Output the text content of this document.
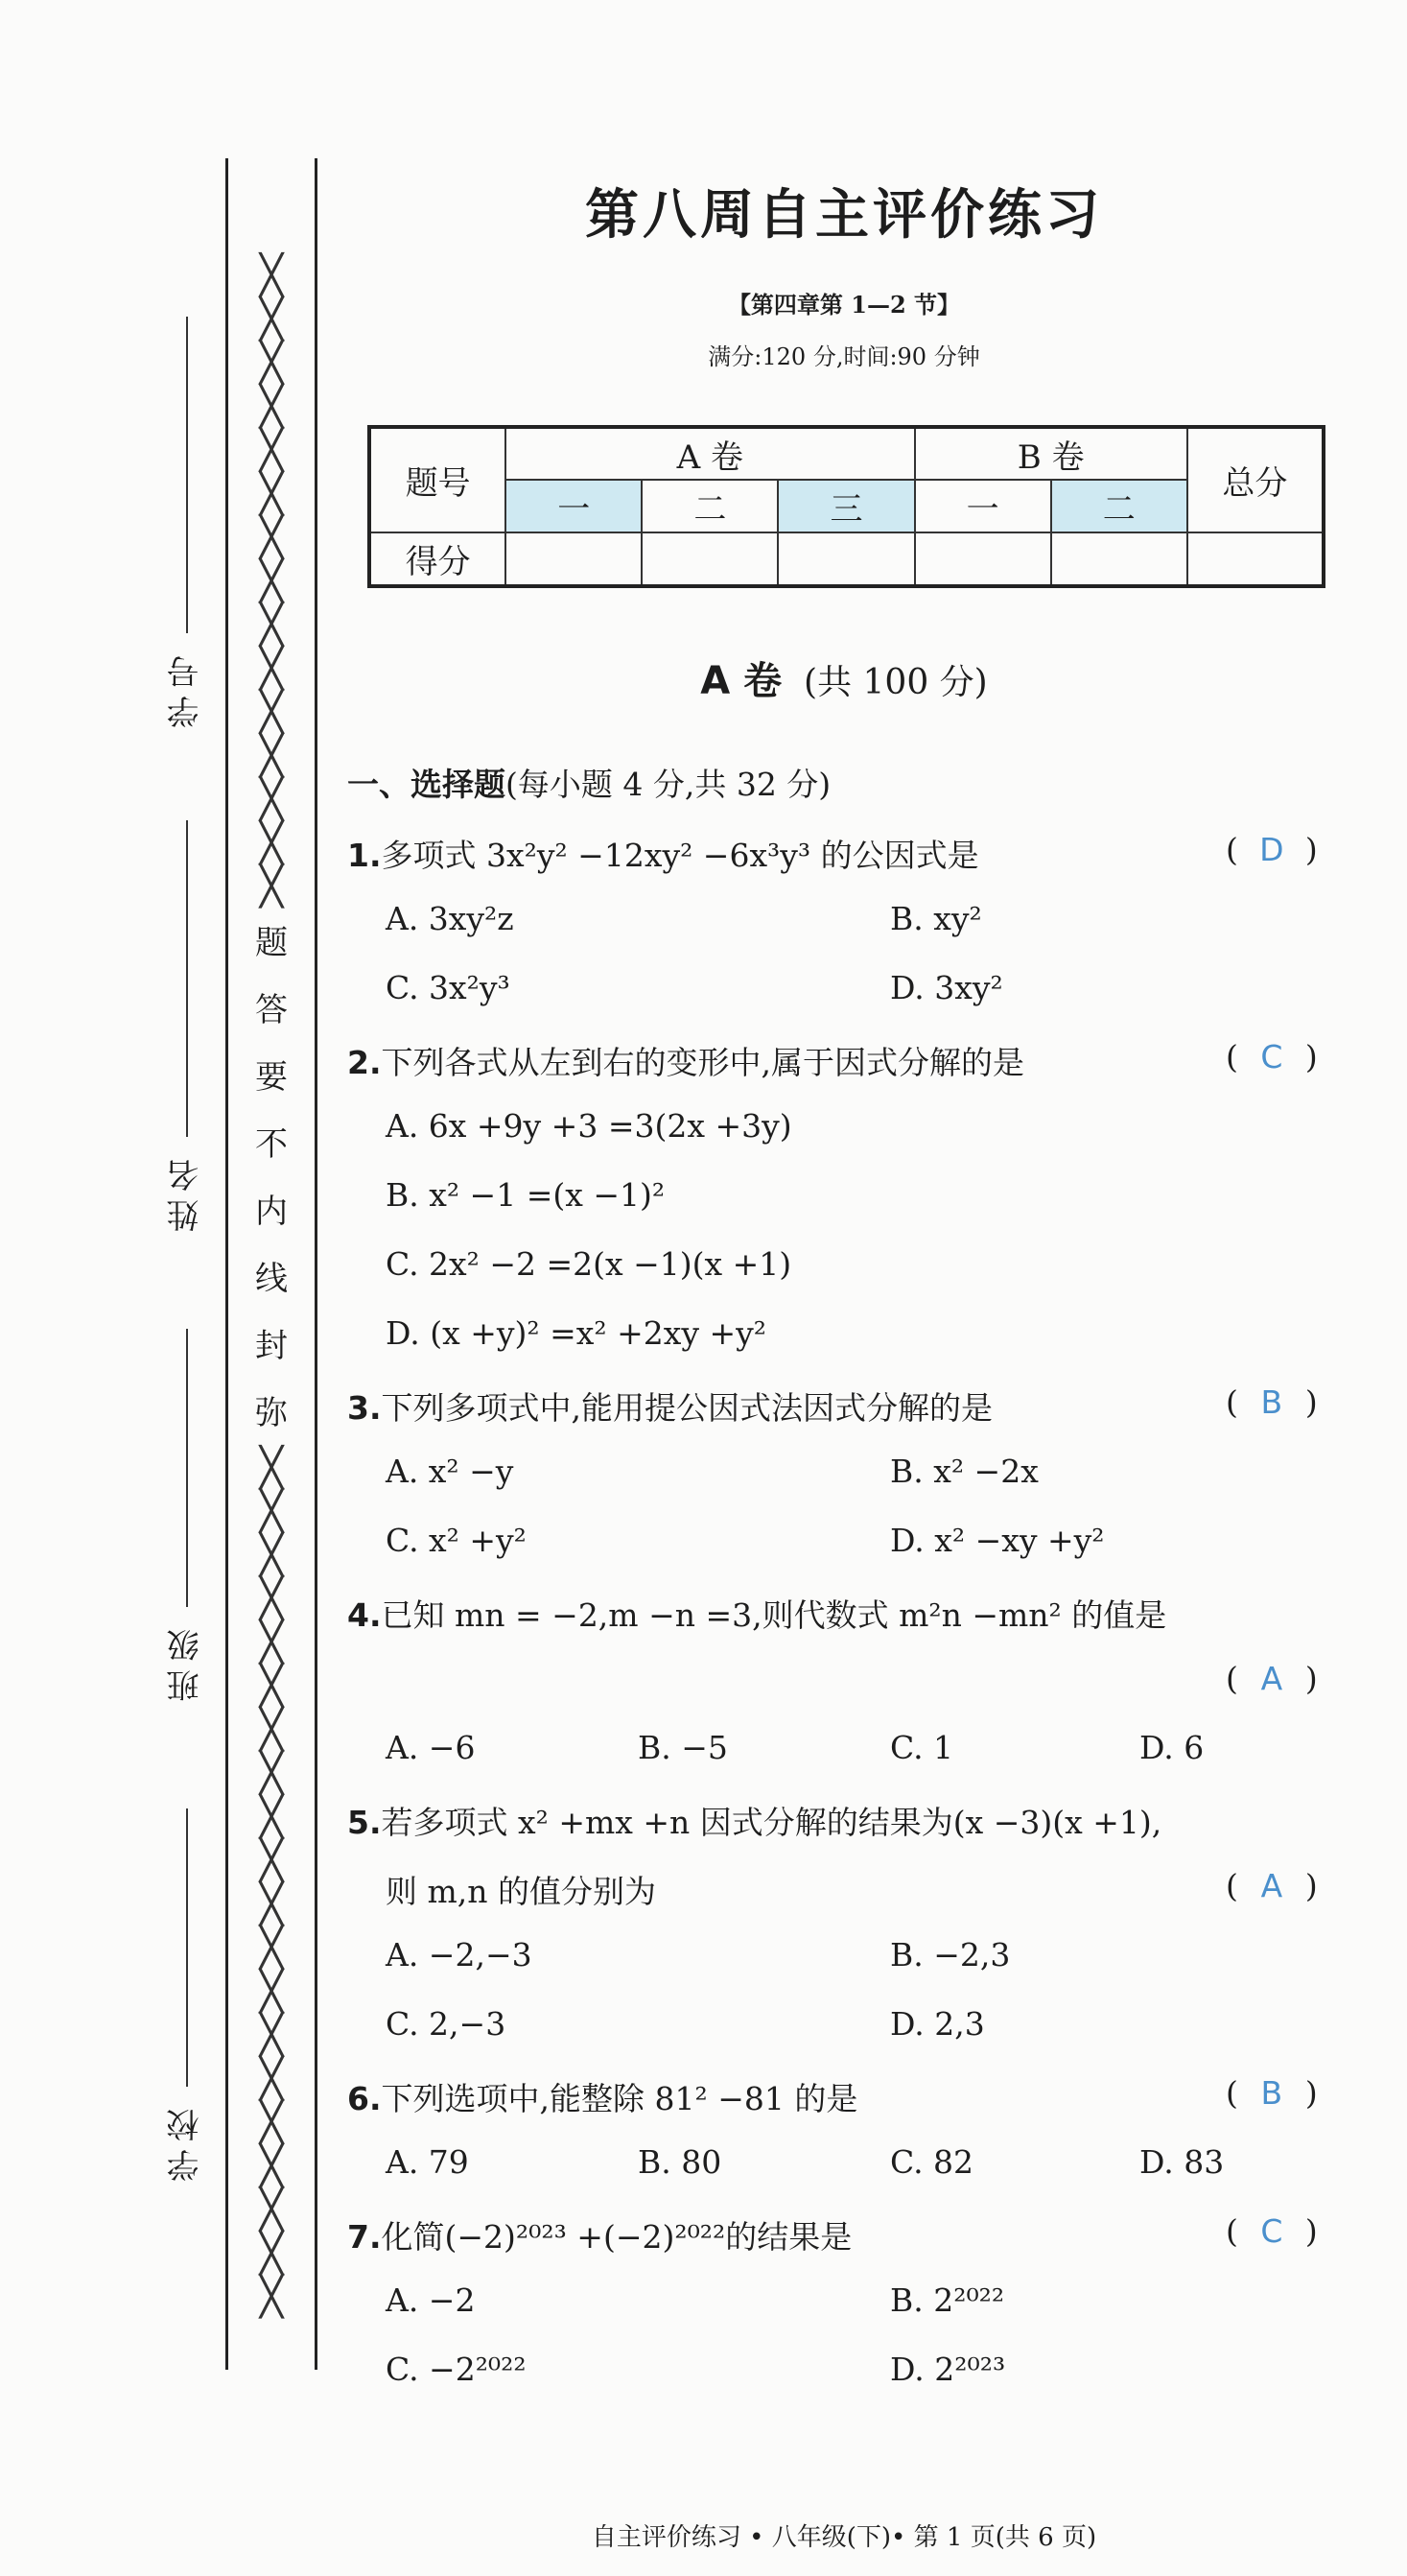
╳
╳
╳
╳
╳
╳
╳
╳
╳
╳
╳
╳
╳
╳
╳
题
答
要
不
内
线
封
弥
╳
╳
╳
╳
╳
╳
╳
╳
╳
╳
╳
╳
╳
╳
╳
╳
╳
╳
╳
╳
学号
姓名
班级
学校
第八周自主评价练习
【第四章第 1—2 节】
满分:120 分,时间:90 分钟
题号	A 卷			B 卷		总分
	一	二	三	一	二	
得分						
A 卷 (共 100 分)
一、选择题(每小题 4 分,共 32 分)
1.多项式 3x²y² −12xy² −6x³y³ 的公因式是	( D )
A. 3xy²z	B. xy²
C. 3x²y³	D. 3xy²
2.下列各式从左到右的变形中,属于因式分解的是	( C )
A. 6x +9y +3 =3(2x +3y)
B. x² −1 =(x −1)²
C. 2x² −2 =2(x −1)(x +1)
D. (x +y)² =x² +2xy +y²
3.下列多项式中,能用提公因式法因式分解的是	( B )
A. x² −y	B. x² −2x
C. x² +y²	D. x² −xy +y²
4.已知 mn = −2,m −n =3,则代数式 m²n −mn² 的值是
( A )
A. −6	B. −5	C. 1	D. 6
5.若多项式 x² +mx +n 因式分解的结果为(x −3)(x +1),
则 m,n 的值分别为	( A )
A. −2,−3	B. −2,3
C. 2,−3	D. 2,3
6.下列选项中,能整除 81² −81 的是	( B )
A. 79	B. 80	C. 82	D. 83
7.化简(−2)²⁰²³ +(−2)²⁰²²的结果是	( C )
A. −2	B. 2²⁰²²
C. −2²⁰²²	D. 2²⁰²³
自主评价练习 • 八年级(下)• 第 1 页(共 6 页)
